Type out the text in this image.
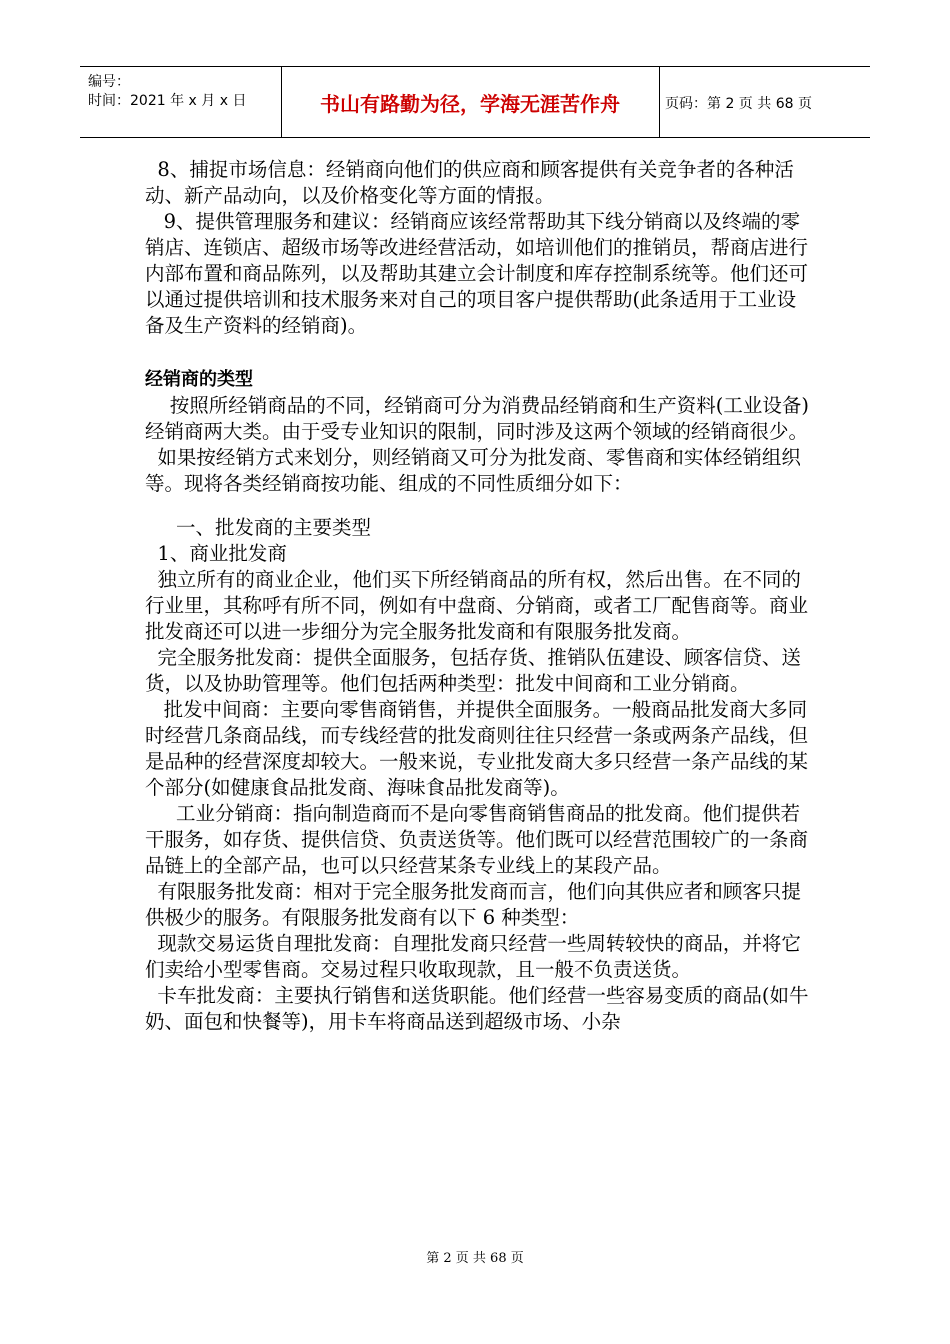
编号：
时间：2021 年 x 月 x 日	书山有路勤为径，学海无涯苦作舟	页码：第 2 页 共 68 页

8、捕捉市场信息：经销商向他们的供应商和顾客提供有关竞争者的各种活动、新产品动向，以及价格变化等方面的情报。

9、提供管理服务和建议：经销商应该经常帮助其下线分销商以及终端的零销店、连锁店、超级市场等改进经营活动，如培训他们的推销员，帮商店进行内部布置和商品陈列，以及帮助其建立会计制度和库存控制系统等。他们还可以通过提供培训和技术服务来对自己的项目客户提供帮助(此条适用于工业设备及生产资料的经销商)。

经销商的类型

按照所经销商品的不同，经销商可分为消费品经销商和生产资料(工业设备)经销商两大类。由于受专业知识的限制，同时涉及这两个领域的经销商很少。

如果按经销方式来划分，则经销商又可分为批发商、零售商和实体经销组织等。现将各类经销商按功能、组成的不同性质细分如下：

一、批发商的主要类型

1、商业批发商

独立所有的商业企业，他们买下所经销商品的所有权，然后出售。在不同的行业里，其称呼有所不同，例如有中盘商、分销商，或者工厂配售商等。商业批发商还可以进一步细分为完全服务批发商和有限服务批发商。

完全服务批发商：提供全面服务，包括存货、推销队伍建设、顾客信贷、送货，以及协助管理等。他们包括两种类型：批发中间商和工业分销商。

批发中间商：主要向零售商销售，并提供全面服务。一般商品批发商大多同时经营几条商品线，而专线经营的批发商则往往只经营一条或两条产品线，但是品种的经营深度却较大。一般来说，专业批发商大多只经营一条产品线的某个部分(如健康食品批发商、海味食品批发商等)。

工业分销商：指向制造商而不是向零售商销售商品的批发商。他们提供若干服务，如存货、提供信贷、负责送货等。他们既可以经营范围较广的一条商品链上的全部产品，也可以只经营某条专业线上的某段产品。

有限服务批发商：相对于完全服务批发商而言，他们向其供应者和顾客只提供极少的服务。有限服务批发商有以下 6 种类型：

现款交易运货自理批发商：自理批发商只经营一些周转较快的商品，并将它们卖给小型零售商。交易过程只收取现款，且一般不负责送货。

卡车批发商：主要执行销售和送货职能。他们经营一些容易变质的商品(如牛奶、面包和快餐等)，用卡车将商品送到超级市场、小杂

第 2 页 共 68 页
